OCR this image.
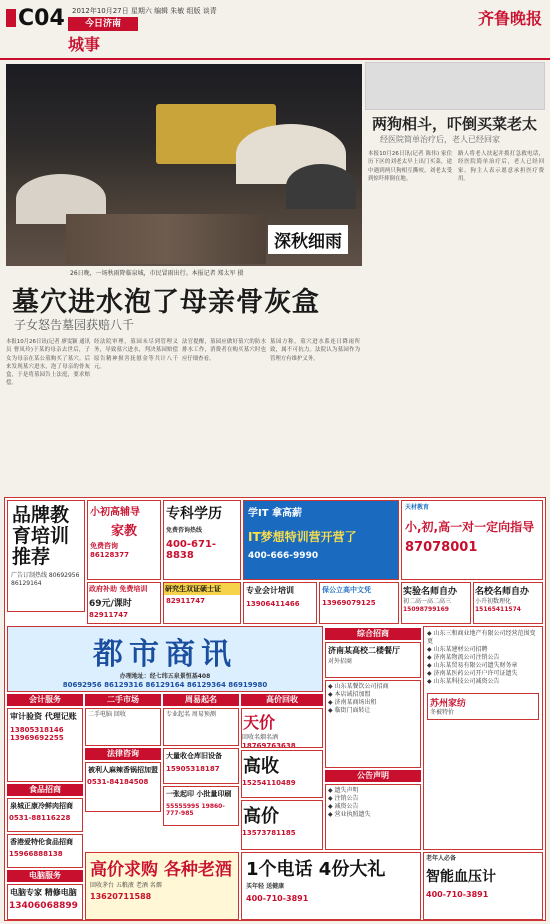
C04 2012年10月27日 星期六 编辑 朱敏 组版 谈青
今日济南
城事
齐鲁晚报
深秋细雨
26日晚，一场秋雨降临泉城，市民冒雨出行。本报记者 郑太军 摄
两狗相斗，吓倒买菜老太
经医院简单治疗后，老人已经回家
本报10月26日讯(记者 陈伟) 家住历下区的刘老太早上出门买菜，途中遇到两只狗相互撕咬，刘老太受到惊吓摔倒在地。
路人将老人扶起并拨打急救电话，经医院简单治疗后，老人已经回家。狗主人表示愿意承担医疗费用。
墓穴进水泡了母亲骨灰盒
子女怒告墓园获赔八千
本报10月26日讯(记者 廖雯颖 通讯员 曹凤玲)于某的母亲去世后，子女为母亲在某公墓购买了墓穴。后来发现墓穴进水，泡了母亲的骨灰盒，于是将墓园告上法庭，要求赔偿。
经法院审理，墓园未尽到管理义务，导致墓穴进水，判决墓园赔偿原告精神损害抚慰金等共计八千元。
法官提醒，墓园应做好墓穴的防水排水工作，消费者在购买墓穴时也应仔细查看。
墓园方称，墓穴进水系连日降雨所致，属不可抗力。法院认为墓园作为管理方有维护义务。
品牌教育培训推荐
广告订制热线 80692956 86129164
小初高辅导
家教
免费咨询 86128377
专科学历
免费咨询热线
400-671-8838
学IT 拿高薪
IT梦想特训营开营了
400-666-9990
天材教育
小,初,高一对一定向指导
87078001
政府补助 免费培训
69元/课时
82911747
研究生双证硕士证
82911747
专业会计培训
13906411466
保公立高中文凭
13969079125
实验名师自办
初二高一高二高三
15098799169
名校名师自办
小升初数理化
15165411574
都市商讯
办理地址：经七纬五泉景恒基408
80692956 86129316 86129164 86129364 86919980
会计服务	二手市场	周易起名	高价回收
综合招商
公告声明
电脑服务
食品招商
法律咨询
审计验资 代理记账
13805318146 13969692255
二手电脑 回收	专业起名 周易预测	天价
回收名烟名酒
18769763638
高收
15254110489
济南某高校二楼餐厅
对外招商
大量收仓库旧设备
15905318187
一张起印 小批量印刷
55555995 19860-777-985	高价
13573781185
泉城正康冷鲜肉招商
0531-88116228
香港爱特伦食品招商
15966888138
被利人麻辣香锅招加盟
0531-84184508
电脑专家 精修电脑
13406068899
高价求购 各种老酒
回收茅台 五粮液 老酒 名烟
13620711588
1个电话 4份大礼
买年轻 送健康
400-710-3891
老年人必备
智能血压计
400-710-3891
◆ 山东某餐饮公司招商
◆ 本店诚招加盟
◆ 济南某商场出租
◆ 临街门面转让
◆ 遗失声明
◆ 注销公告
◆ 减资公告
◆ 营业执照遗失
◆ 山东三和商业地产有限公司经营范围变更
◆ 山东某建材公司招聘
◆ 济南某物流公司注销公告
◆ 山东某贸易有限公司遗失财务章
◆ 济南某医药公司开户许可证遗失
◆ 山东某科技公司减资公告
苏州家纺
冬被特价
